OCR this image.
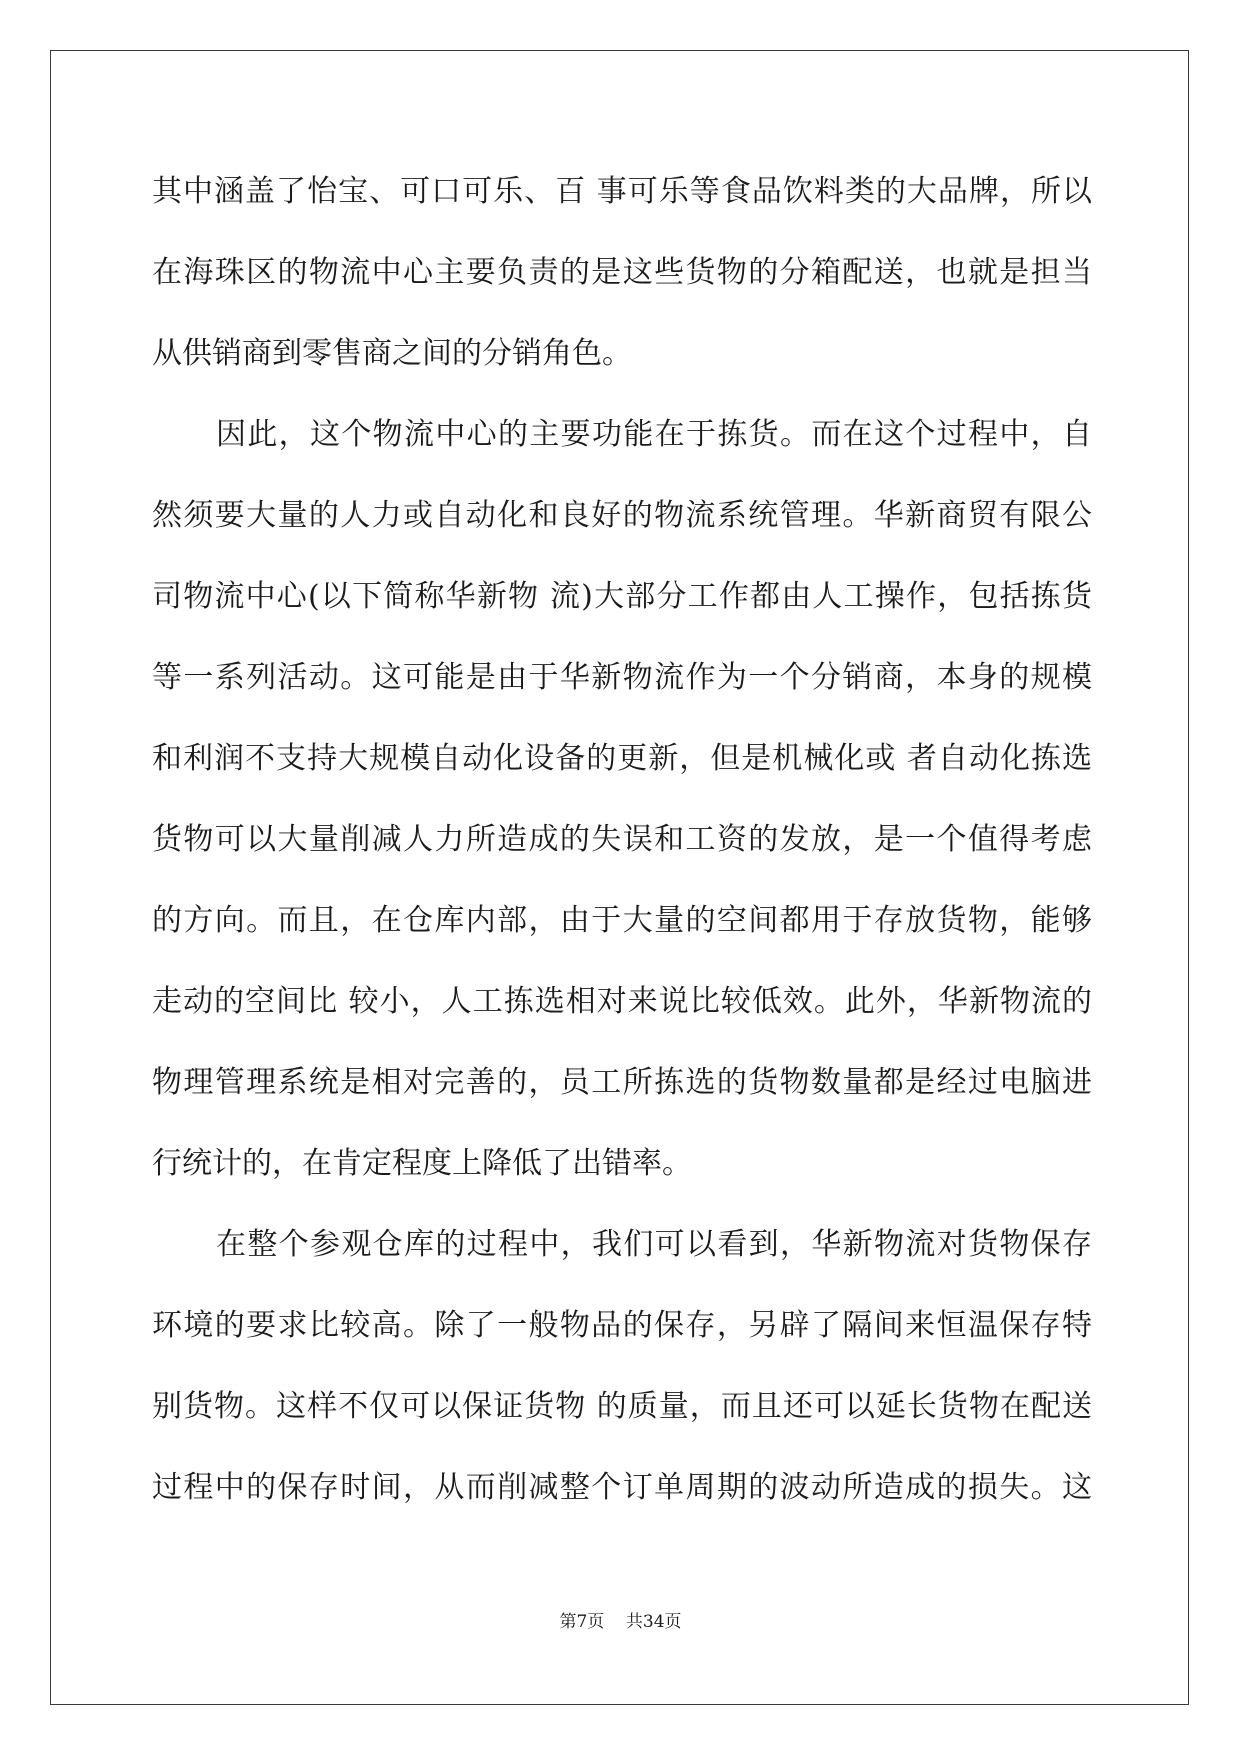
其中涵盖了怡宝、可口可乐、百 事可乐等食品饮料类的大品牌，所以
在海珠区的物流中心主要负责的是这些货物的分箱配送，也就是担当
从供销商到零售商之间的分销角色。

因此，这个物流中心的主要功能在于拣货。而在这个过程中，自
然须要大量的人力或自动化和良好的物流系统管理。华新商贸有限公
司物流中心(以下简称华新物 流)大部分工作都由人工操作，包括拣货
等一系列活动。这可能是由于华新物流作为一个分销商，本身的规模
和利润不支持大规模自动化设备的更新，但是机械化或 者自动化拣选
货物可以大量削减人力所造成的失误和工资的发放，是一个值得考虑
的方向。而且，在仓库内部，由于大量的空间都用于存放货物，能够
走动的空间比 较小，人工拣选相对来说比较低效。此外，华新物流的
物理管理系统是相对完善的，员工所拣选的货物数量都是经过电脑进
行统计的，在肯定程度上降低了出错率。

在整个参观仓库的过程中，我们可以看到，华新物流对货物保存
环境的要求比较高。除了一般物品的保存，另辟了隔间来恒温保存特
别货物。这样不仅可以保证货物 的质量，而且还可以延长货物在配送
过程中的保存时间，从而削减整个订单周期的波动所造成的损失。这

第7页    共34页
